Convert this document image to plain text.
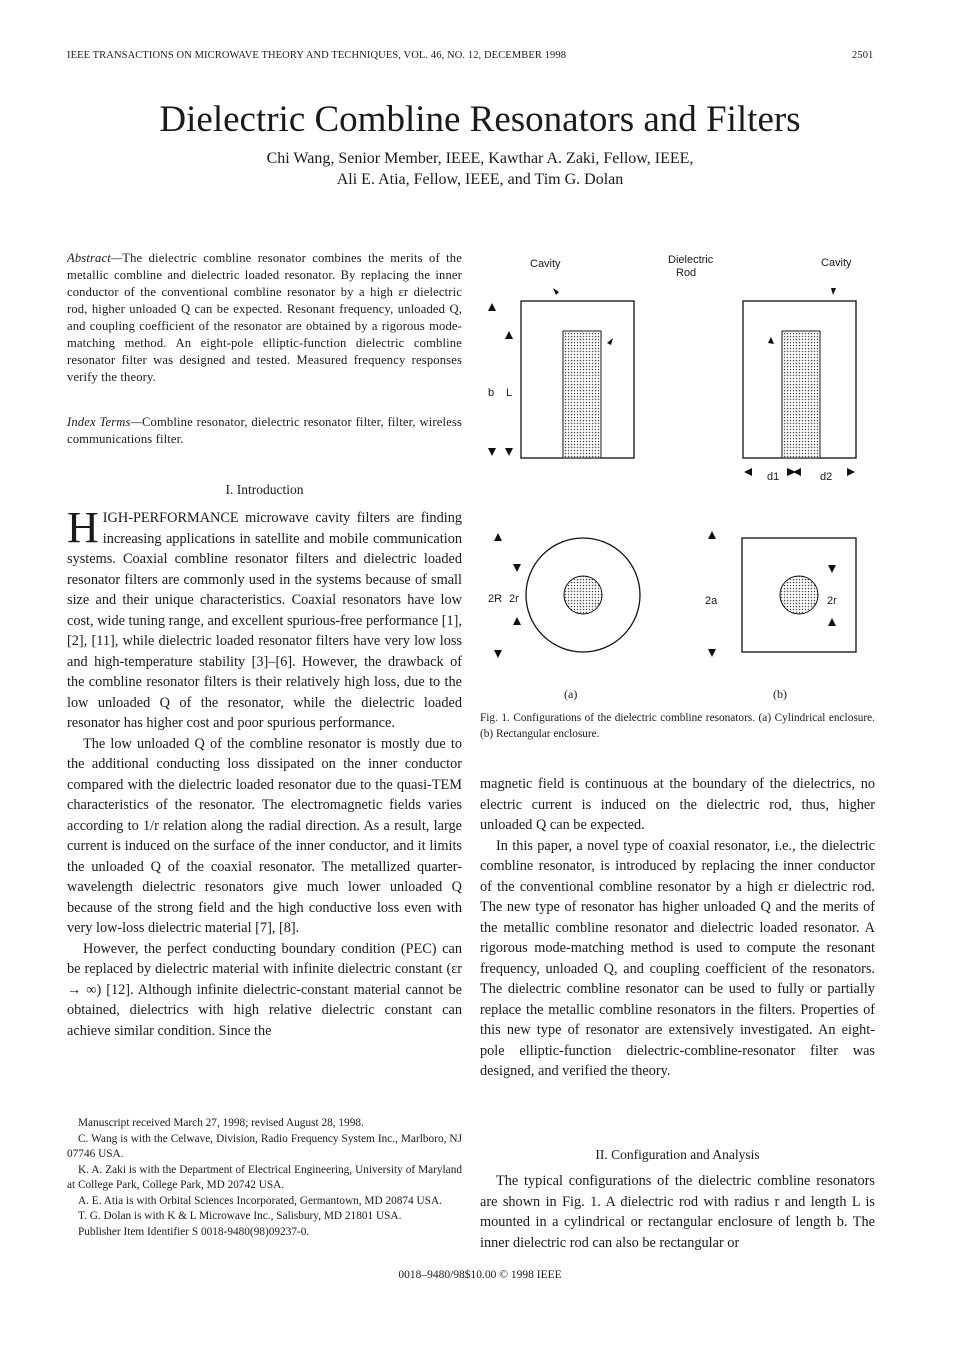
IEEE TRANSACTIONS ON MICROWAVE THEORY AND TECHNIQUES, VOL. 46, NO. 12, DECEMBER 1998	2501
Dielectric Combline Resonators and Filters
Chi Wang, Senior Member, IEEE, Kawthar A. Zaki, Fellow, IEEE,
Ali E. Atia, Fellow, IEEE, and Tim G. Dolan
Abstract—The dielectric combline resonator combines the merits of the metallic combline and dielectric loaded resonator. By replacing the inner conductor of the conventional combline resonator by a high εr dielectric rod, higher unloaded Q can be expected. Resonant frequency, unloaded Q, and coupling coefficient of the resonator are obtained by a rigorous mode-matching method. An eight-pole elliptic-function dielectric combline resonator filter was designed and tested. Measured frequency responses verify the theory.
Index Terms—Combline resonator, dielectric resonator filter, filter, wireless communications filter.
I. Introduction
HIGH-PERFORMANCE microwave cavity filters are finding increasing applications in satellite and mobile communication systems. Coaxial combline resonator filters and dielectric loaded resonator filters are commonly used in the systems because of small size and their unique characteristics. Coaxial resonators have low cost, wide tuning range, and excellent spurious-free performance [1], [2], [11], while dielectric loaded resonator filters have very low loss and high-temperature stability [3]–[6]. However, the drawback of the combline resonator filters is their relatively high loss, due to the low unloaded Q of the resonator, while the dielectric loaded resonator has higher cost and poor spurious performance.
The low unloaded Q of the combline resonator is mostly due to the additional conducting loss dissipated on the inner conductor compared with the dielectric loaded resonator due to the quasi-TEM characteristics of the resonator. The electromagnetic fields varies according to 1/r relation along the radial direction. As a result, large current is induced on the surface of the inner conductor, and it limits the unloaded Q of the coaxial resonator. The metallized quarter-wavelength dielectric resonators give much lower unloaded Q because of the strong field and the high conductive loss even with very low-loss dielectric material [7], [8].
However, the perfect conducting boundary condition (PEC) can be replaced by dielectric material with infinite dielectric constant (εr → ∞) [12]. Although infinite dielectric-constant material cannot be obtained, dielectrics with high relative dielectric constant can achieve similar condition. Since the

Manuscript received March 27, 1998; revised August 28, 1998.

C. Wang is with the Celwave, Division, Radio Frequency System Inc., Marlboro, NJ 07746 USA.

K. A. Zaki is with the Department of Electrical Engineering, University of Maryland at College Park, College Park, MD 20742 USA.

A. E. Atia is with Orbital Sciences Incorporated, Germantown, MD 20874 USA.

T. G. Dolan is with K & L Microwave Inc., Salisbury, MD 21801 USA.

Publisher Item Identifier S 0018-9480(98)09237-0.

Cavity	Dielectric
Rod
Cavity
b L
d1	d2
2R 2r	2a	2r
(a)	(b)
Fig. 1. Configurations of the dielectric combline resonators. (a) Cylindrical enclosure. (b) Rectangular enclosure.
magnetic field is continuous at the boundary of the dielectrics, no electric current is induced on the dielectric rod, thus, higher unloaded Q can be expected.
In this paper, a novel type of coaxial resonator, i.e., the dielectric combline resonator, is introduced by replacing the inner conductor of the conventional combline resonator by a high εr dielectric rod. The new type of resonator has higher unloaded Q and the merits of the metallic combline resonator and dielectric loaded resonator. A rigorous mode-matching method is used to compute the resonant frequency, unloaded Q, and coupling coefficient of the resonators. The dielectric combline resonator can be used to fully or partially replace the metallic combline resonators in the filters. Properties of this new type of resonator are extensively investigated. An eight-pole elliptic-function dielectric-combline-resonator filter was designed, and verified the theory.
II. Configuration and Analysis
The typical configurations of the dielectric combline resonators are shown in Fig. 1. A dielectric rod with radius r and length L is mounted in a cylindrical or rectangular enclosure of length b. The inner dielectric rod can also be rectangular or
0018–9480/98$10.00 © 1998 IEEE
